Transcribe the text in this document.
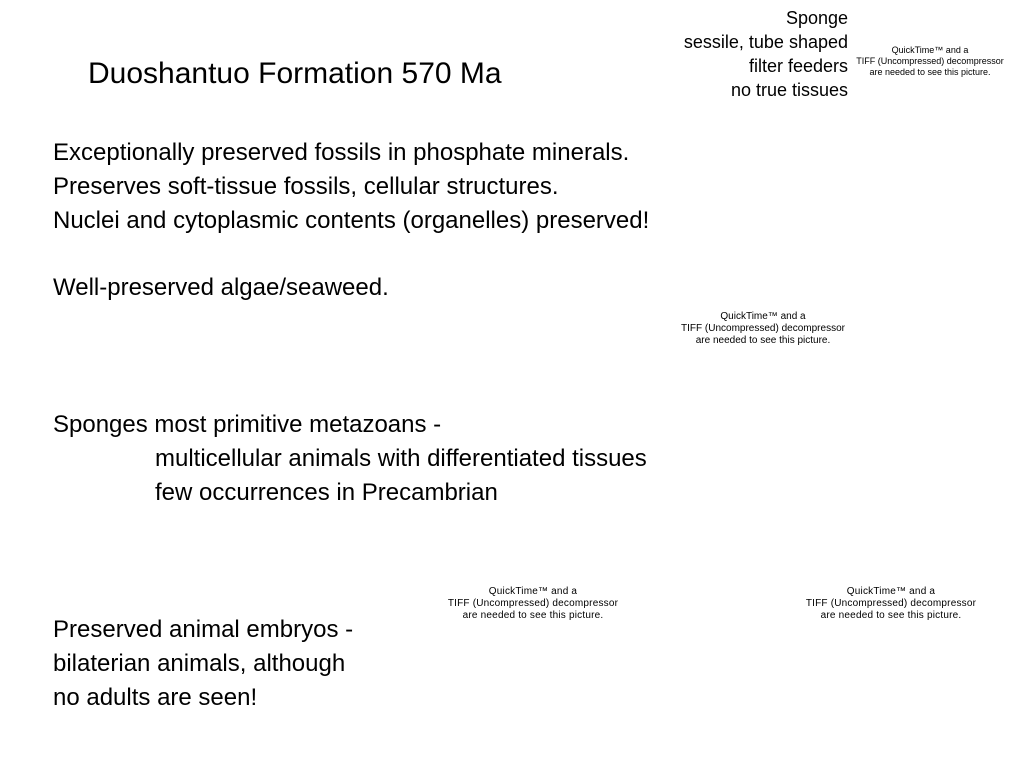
Duoshantuo Formation 570 Ma
Sponge
sessile, tube shaped
filter feeders
no true tissues
QuickTime™ and a
TIFF (Uncompressed) decompressor
are needed to see this picture.
Exceptionally preserved fossils in phosphate minerals.
Preserves soft-tissue fossils, cellular structures.
Nuclei and cytoplasmic contents (organelles) preserved!
Well-preserved algae/seaweed.
QuickTime™ and a
TIFF (Uncompressed) decompressor
are needed to see this picture.
Sponges most primitive metazoans -
multicellular animals with differentiated tissues
few occurrences in Precambrian
QuickTime™ and a
TIFF (Uncompressed) decompressor
are needed to see this picture.
QuickTime™ and a
TIFF (Uncompressed) decompressor
are needed to see this picture.
Preserved animal embryos -
bilaterian animals, although
no adults are seen!
